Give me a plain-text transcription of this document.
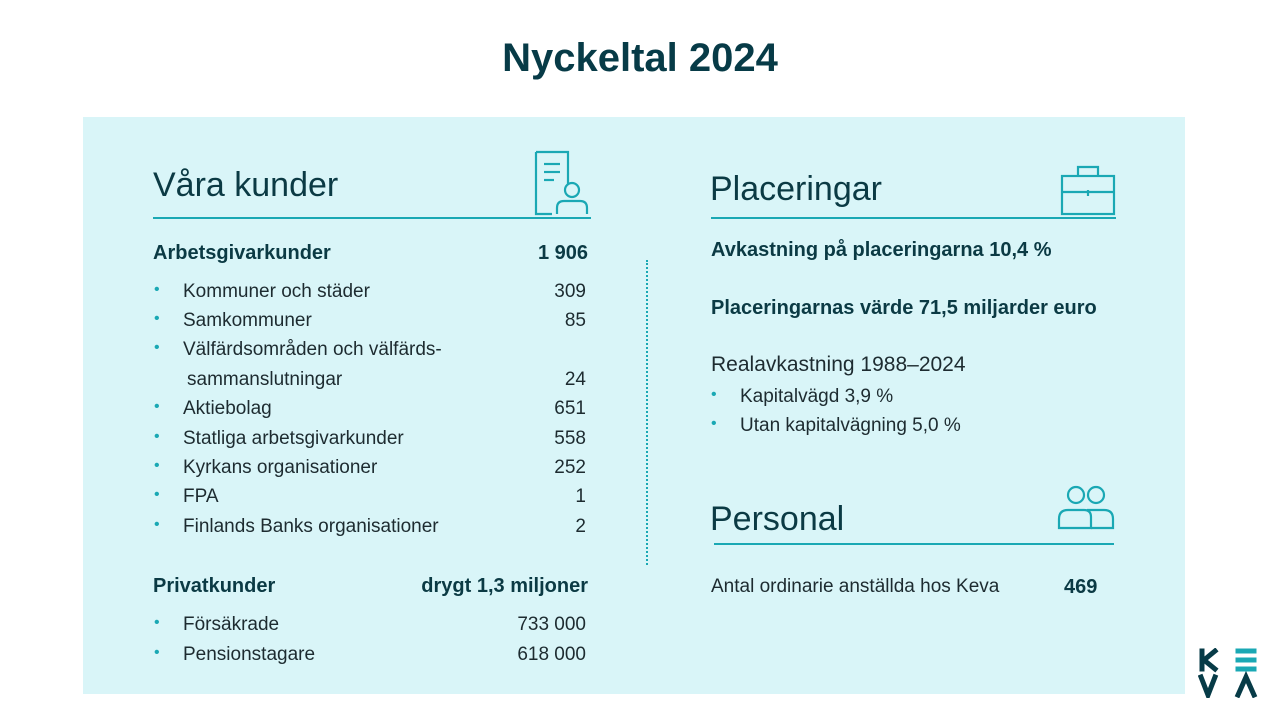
Nyckeltal 2024
Våra kunder
Arbetsgivarkunder	1 906
• Kommuner och städer	309
• Samkommuner	85
• Välfärdsområden och välfärds-
sammanslutningar	24
• Aktiebolag	651
• Statliga arbetsgivarkunder	558
• Kyrkans organisationer	252
• FPA	1
• Finlands Banks organisationer	2
Privatkunder	drygt 1,3 miljoner
• Försäkrade	733 000
• Pensionstagare	618 000
Placeringar
Avkastning på placeringarna 10,4 %
Placeringarnas värde 71,5 miljarder euro
Realavkastning 1988–2024
• Kapitalvägd 3,9 %
• Utan kapitalvägning 5,0 %
Personal
Antal ordinarie anställda hos Keva	469
